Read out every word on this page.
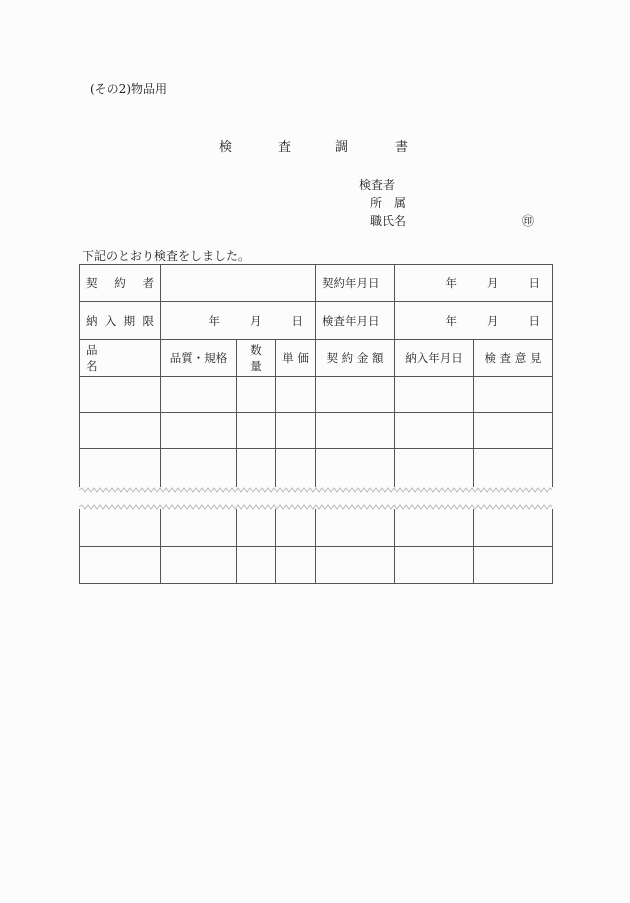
(その2)物品用
検	査	調	書
検査者
所　属
職氏名	㊞
下記のとおり検査をしました。
契 約 者				契約年月日	年 月 日	

納 入 期 限	年 月 日			検査年月日	年 月 日	

品　　　　名	品質・規格	数 量	単 価	契 約 金 額	納入年月日	検 査 意 見
